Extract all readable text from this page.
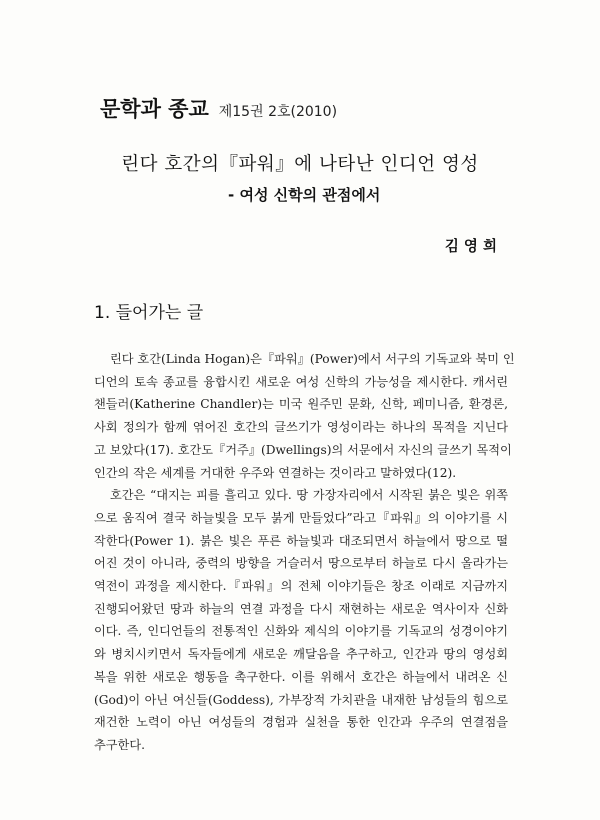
문학과 종교 제15권 2호(2010)
린다 호간의『파워』에 나타난 인디언 영성
- 여성 신학의 관점에서
김 영 희
1. 들어가는 글
린다 호간(Linda Hogan)은『파워』(Power)에서 서구의 기독교와 북미 인
디언의 토속 종교를 융합시킨 새로운 여성 신학의 가능성을 제시한다. 캐서린
챈들러(Katherine Chandler)는 미국 원주민 문화, 신학, 페미니즘, 환경론,
사회 정의가 함께 엮어진 호간의 글쓰기가 영성이라는 하나의 목적을 지닌다
고 보았다(17). 호간도『거주』(Dwellings)의 서문에서 자신의 글쓰기 목적이
인간의 작은 세계를 거대한 우주와 연결하는 것이라고 말하였다(12).
호간은 “대지는 피를 흘리고 있다. 땅 가장자리에서 시작된 붉은 빛은 위쪽
으로 움직여 결국 하늘빛을 모두 붉게 만들었다”라고『파워』의 이야기를 시
작한다(Power 1). 붉은 빛은 푸른 하늘빛과 대조되면서 하늘에서 땅으로 떨
어진 것이 아니라, 중력의 방향을 거슬러서 땅으로부터 하늘로 다시 올라가는
역전이 과정을 제시한다.『파워』의 전체 이야기들은 창조 이래로 지금까지
진행되어왔던 땅과 하늘의 연결 과정을 다시 재현하는 새로운 역사이자 신화
이다. 즉, 인디언들의 전통적인 신화와 제식의 이야기를 기독교의 성경이야기
와 병치시키면서 독자들에게 새로운 깨달음을 추구하고, 인간과 땅의 영성회
복을 위한 새로운 행동을 촉구한다. 이를 위해서 호간은 하늘에서 내려온 신
(God)이 아닌 여신들(Goddess), 가부장적 가치관을 내재한 남성들의 힘으로
재건한 노력이 아닌 여성들의 경험과 실천을 통한 인간과 우주의 연결점을
추구한다.
